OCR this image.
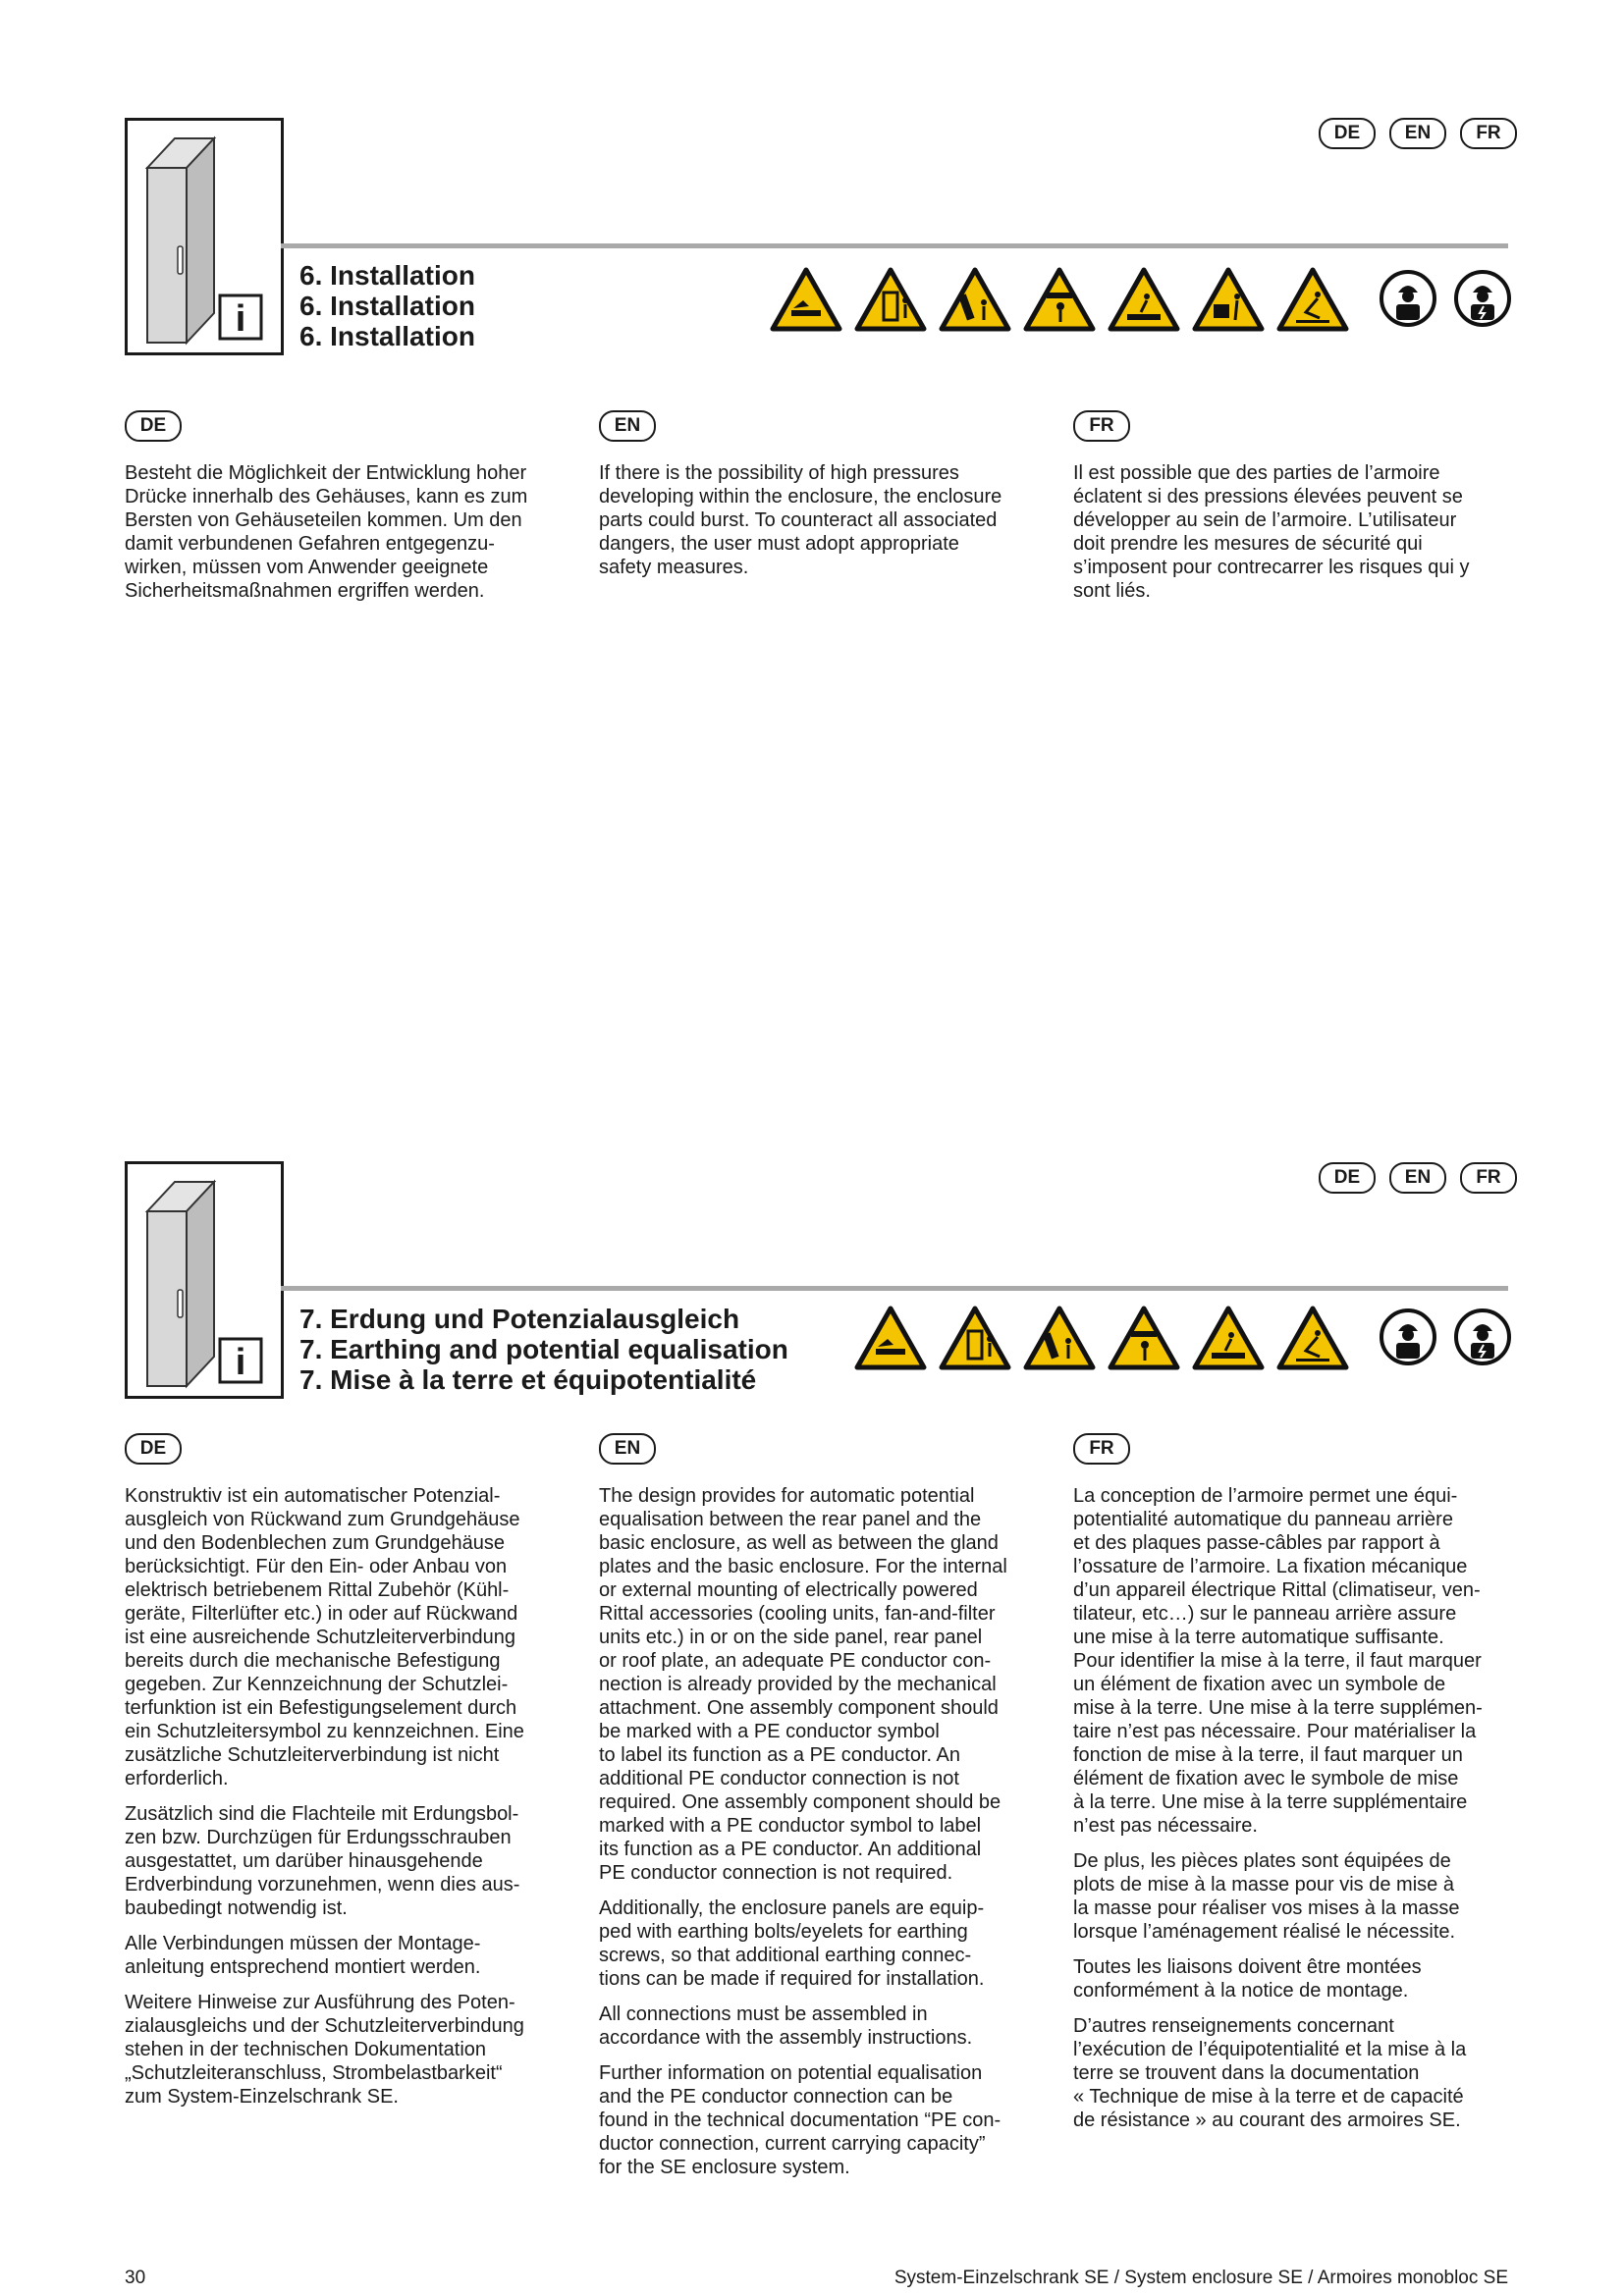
DE	EN	FR
i
6. Installation
6. Installation
6. Installation
DE	EN	FR

Besteht die Möglichkeit der Entwicklung hoher
Drücke innerhalb des Gehäuses, kann es zum
Bersten von Gehäuseteilen kommen. Um den
damit verbundenen Gefahren entgegenzu-
wirken, müssen vom Anwender geeignete
Sicherheitsmaßnahmen ergriffen werden.

If there is the possibility of high pressures
developing within the enclosure, the enclosure
parts could burst. To counteract all associated
dangers, the user must adopt appropriate
safety measures.

Il est possible que des parties de l’armoire
éclatent si des pressions élevées peuvent se
développer au sein de l’armoire. L’utilisateur
doit prendre les mesures de sécurité qui
s’imposent pour contrecarrer les risques qui y
sont liés.

DE	EN	FR
i
7. Erdung und Potenzialausgleich
7. Earthing and potential equalisation
7. Mise à la terre et équipotentialité
DE	EN	FR

Konstruktiv ist ein automatischer Potenzial-
ausgleich von Rückwand zum Grundgehäuse
und den Bodenblechen zum Grundgehäuse
berücksichtigt. Für den Ein- oder Anbau von
elektrisch betriebenem Rittal Zubehör (Kühl-
geräte, Filterlüfter etc.) in oder auf Rückwand
ist eine ausreichende Schutzleiterverbindung
bereits durch die mechanische Befestigung
gegeben. Zur Kennzeichnung der Schutzlei-
terfunktion ist ein Befestigungselement durch
ein Schutzleitersymbol zu kennzeichnen. Eine
zusätzliche Schutzleiterverbindung ist nicht
erforderlich.

Zusätzlich sind die Flachteile mit Erdungsbol-
zen bzw. Durchzügen für Erdungsschrauben
ausgestattet, um darüber hinausgehende
Erdverbindung vorzunehmen, wenn dies aus-
baubedingt notwendig ist.

Alle Verbindungen müssen der Montage-
anleitung entsprechend montiert werden.

Weitere Hinweise zur Ausführung des Poten-
zialausgleichs und der Schutzleiterverbindung
stehen in der technischen Dokumentation
„Schutzleiteranschluss, Strombelastbarkeit“
zum System-Einzelschrank SE.

The design provides for automatic potential
equalisation between the rear panel and the
basic enclosure, as well as between the gland
plates and the basic enclosure. For the internal
or external mounting of electrically powered
Rittal accessories (cooling units, fan-and-filter
units etc.) in or on the side panel, rear panel
or roof plate, an adequate PE conductor con-
nection is already provided by the mechanical
attachment. One assembly component should
be marked with a PE conductor symbol
to label its function as a PE conductor. An
additional PE conductor connection is not
required. One assembly component should be
marked with a PE conductor symbol to label
its function as a PE conductor. An additional
PE conductor connection is not required.

Additionally, the enclosure panels are equip-
ped with earthing bolts/eyelets for earthing
screws, so that additional earthing connec-
tions can be made if required for installation.

All connections must be assembled in
accordance with the assembly instructions.

Further information on potential equalisation
and the PE conductor connection can be
found in the technical documentation “PE con-
ductor connection, current carrying capacity”
for the SE enclosure system.

La conception de l’armoire permet une équi-
potentialité automatique du panneau arrière
et des plaques passe-câbles par rapport à
l’ossature de l’armoire. La fixation mécanique
d’un appareil électrique Rittal (climatiseur, ven-
tilateur, etc…) sur le panneau arrière assure
une mise à la terre automatique suffisante.
Pour identifier la mise à la terre, il faut marquer
un élément de fixation avec un symbole de
mise à la terre. Une mise à la terre supplémen-
taire n’est pas nécessaire. Pour matérialiser la
fonction de mise à la terre, il faut marquer un
élément de fixation avec le symbole de mise
à la terre. Une mise à la terre supplémentaire
n’est pas nécessaire.

De plus, les pièces plates sont équipées de
plots de mise à la masse pour vis de mise à
la masse pour réaliser vos mises à la masse
lorsque l’aménagement réalisé le nécessite.

Toutes les liaisons doivent être montées
conformément à la notice de montage.

D’autres renseignements concernant
l’exécution de l’équipotentialité et la mise à la
terre se trouvent dans la documentation
« Technique de mise à la terre et de capacité
de résistance » au courant des armoires SE.

30	System-Einzelschrank SE / System enclosure SE / Armoires monobloc SE
